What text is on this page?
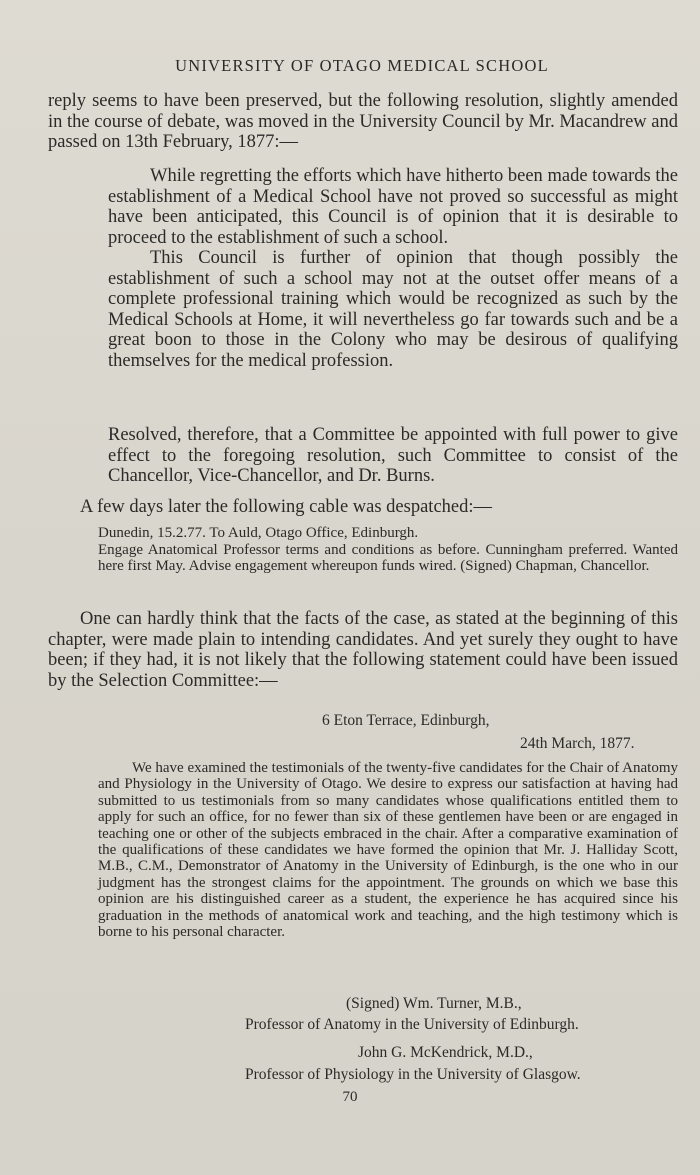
UNIVERSITY OF OTAGO MEDICAL SCHOOL

reply seems to have been preserved, but the following resolution, slightly amended in the course of debate, was moved in the University Council by Mr. Macandrew and passed on 13th February, 1877:—

While regretting the efforts which have hitherto been made towards the establishment of a Medical School have not proved so successful as might have been anticipated, this Council is of opinion that it is desirable to proceed to the establishment of such a school.

This Council is further of opinion that though possibly the establishment of such a school may not at the outset offer means of a complete professional training which would be recognized as such by the Medical Schools at Home, it will nevertheless go far towards such and be a great boon to those in the Colony who may be desirous of qualifying themselves for the medical profession.

Resolved, therefore, that a Committee be appointed with full power to give effect to the foregoing resolution, such Committee to consist of the Chancellor, Vice-Chancellor, and Dr. Burns.

A few days later the following cable was despatched:—

Dunedin, 15.2.77. To Auld, Otago Office, Edinburgh.

Engage Anatomical Professor terms and conditions as before. Cunningham preferred. Wanted here first May. Advise engagement whereupon funds wired. (Signed) Chapman, Chancellor.

One can hardly think that the facts of the case, as stated at the beginning of this chapter, were made plain to intending candidates. And yet surely they ought to have been; if they had, it is not likely that the following statement could have been issued by the Selection Committee:—

6 Eton Terrace, Edinburgh,
24th March, 1877.

We have examined the testimonials of the twenty-five candidates for the Chair of Anatomy and Physiology in the University of Otago. We desire to express our satisfaction at having had submitted to us testimonials from so many candidates whose qualifications entitled them to apply for such an office, for no fewer than six of these gentlemen have been or are engaged in teaching one or other of the subjects embraced in the chair. After a comparative examination of the qualifications of these candidates we have formed the opinion that Mr. J. Halliday Scott, M.B., C.M., Demonstrator of Anatomy in the University of Edinburgh, is the one who in our judgment has the strongest claims for the appointment. The grounds on which we base this opinion are his distinguished career as a student, the experience he has acquired since his graduation in the methods of anatomical work and teaching, and the high testimony which is borne to his personal character.

(Signed) Wm. Turner, M.B.,
Professor of Anatomy in the University of Edinburgh.
John G. McKendrick, M.D.,
Professor of Physiology in the University of Glasgow.
70
